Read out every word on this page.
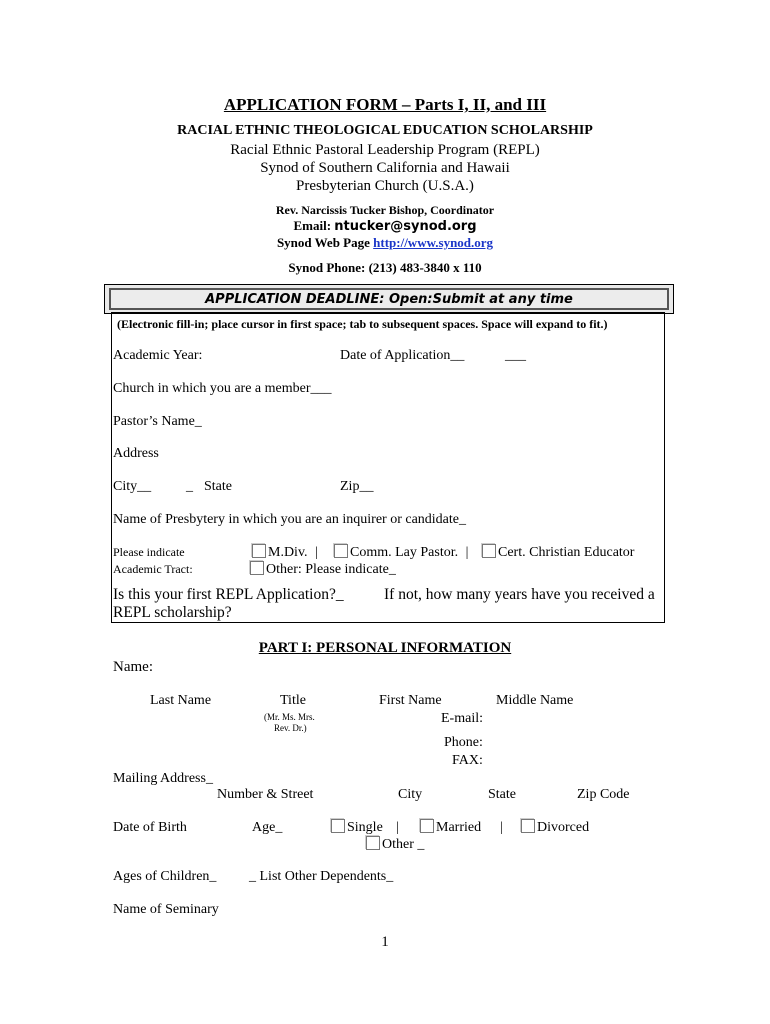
APPLICATION FORM – Parts I, II, and III
RACIAL ETHNIC THEOLOGICAL EDUCATION SCHOLARSHIP
Racial Ethnic Pastoral Leadership Program (REPL)
Synod of Southern California and Hawaii
Presbyterian Church (U.S.A.)
Rev. Narcissis Tucker Bishop, Coordinator
Email: ntucker@synod.org
Synod Web Page http://www.synod.org
Synod Phone: (213) 483-3840 x 110
APPLICATION DEADLINE: Open:Submit at any time
(Electronic fill-in; place cursor in first space; tab to subsequent spaces. Space will expand to fit.)
Academic Year:	Date of Application__	___
Church in which you are a member___
Pastor’s Name_
Address
City__ _ State	Zip__
Name of Presbytery in which you are an inquirer or candidate_
Please indicate
Academic Tract:
M.Div. |	Comm. Lay Pastor. |	Cert. Christian Educator
Other: Please indicate_
Is this your first REPL Application?_	If not, how many years have you received a
REPL scholarship?
PART I: PERSONAL INFORMATION
Name:
Last Name	Title
(Mr. Ms. Mrs.
Rev. Dr.)
First Name	Middle Name
E-mail:
Phone:
FAX:
Mailing Address_
Number & Street	City	State	Zip Code
Date of Birth	Age_	Single |	Married |	Divorced
Other _
Ages of Children_ _ List Other Dependents_
Name of Seminary
1
